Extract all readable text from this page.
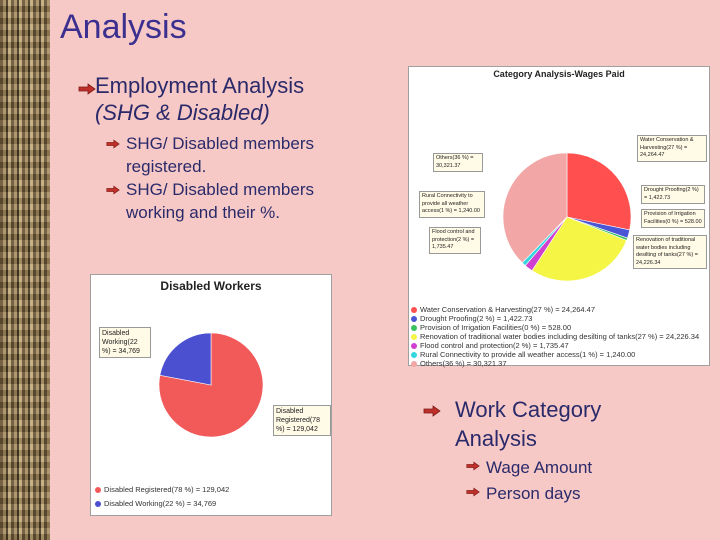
Analysis
Employment Analysis
(SHG & Disabled)
SHG/ Disabled members registered.
SHG/ Disabled members working and their %.
Work Category Analysis
Wage Amount
Person days
Category Analysis-Wages Paid
Water Conservation & Harvesting(27 %) = 24,264.47
Others(36 %) = 30,321.37
Drought Proofing(2 %) = 1,422.73
Provision of Irrigation Facilities(0 %) = 528.00
Rural Connectivity to provide all weather access(1 %) = 1,240.00
Flood control and protection(2 %) = 1,735.47
Renovation of traditional water bodies including desilting of tanks(27 %) = 24,226.34
Water Conservation & Harvesting(27 %) = 24,264.47
Drought Proofing(2 %) = 1,422.73
Provision of Irrigation Facilities(0 %) = 528.00
Renovation of traditional water bodies including desilting of tanks(27 %) = 24,226.34
Flood control and protection(2 %) = 1,735.47
Rural Connectivity to provide all weather access(1 %) = 1,240.00
Others(36 %) = 30,321.37
Disabled Workers
Disabled Working(22 %) = 34,769
Disabled Registered(78 %) = 129,042
Disabled Registered(78 %) = 129,042
Disabled Working(22 %) = 34,769
